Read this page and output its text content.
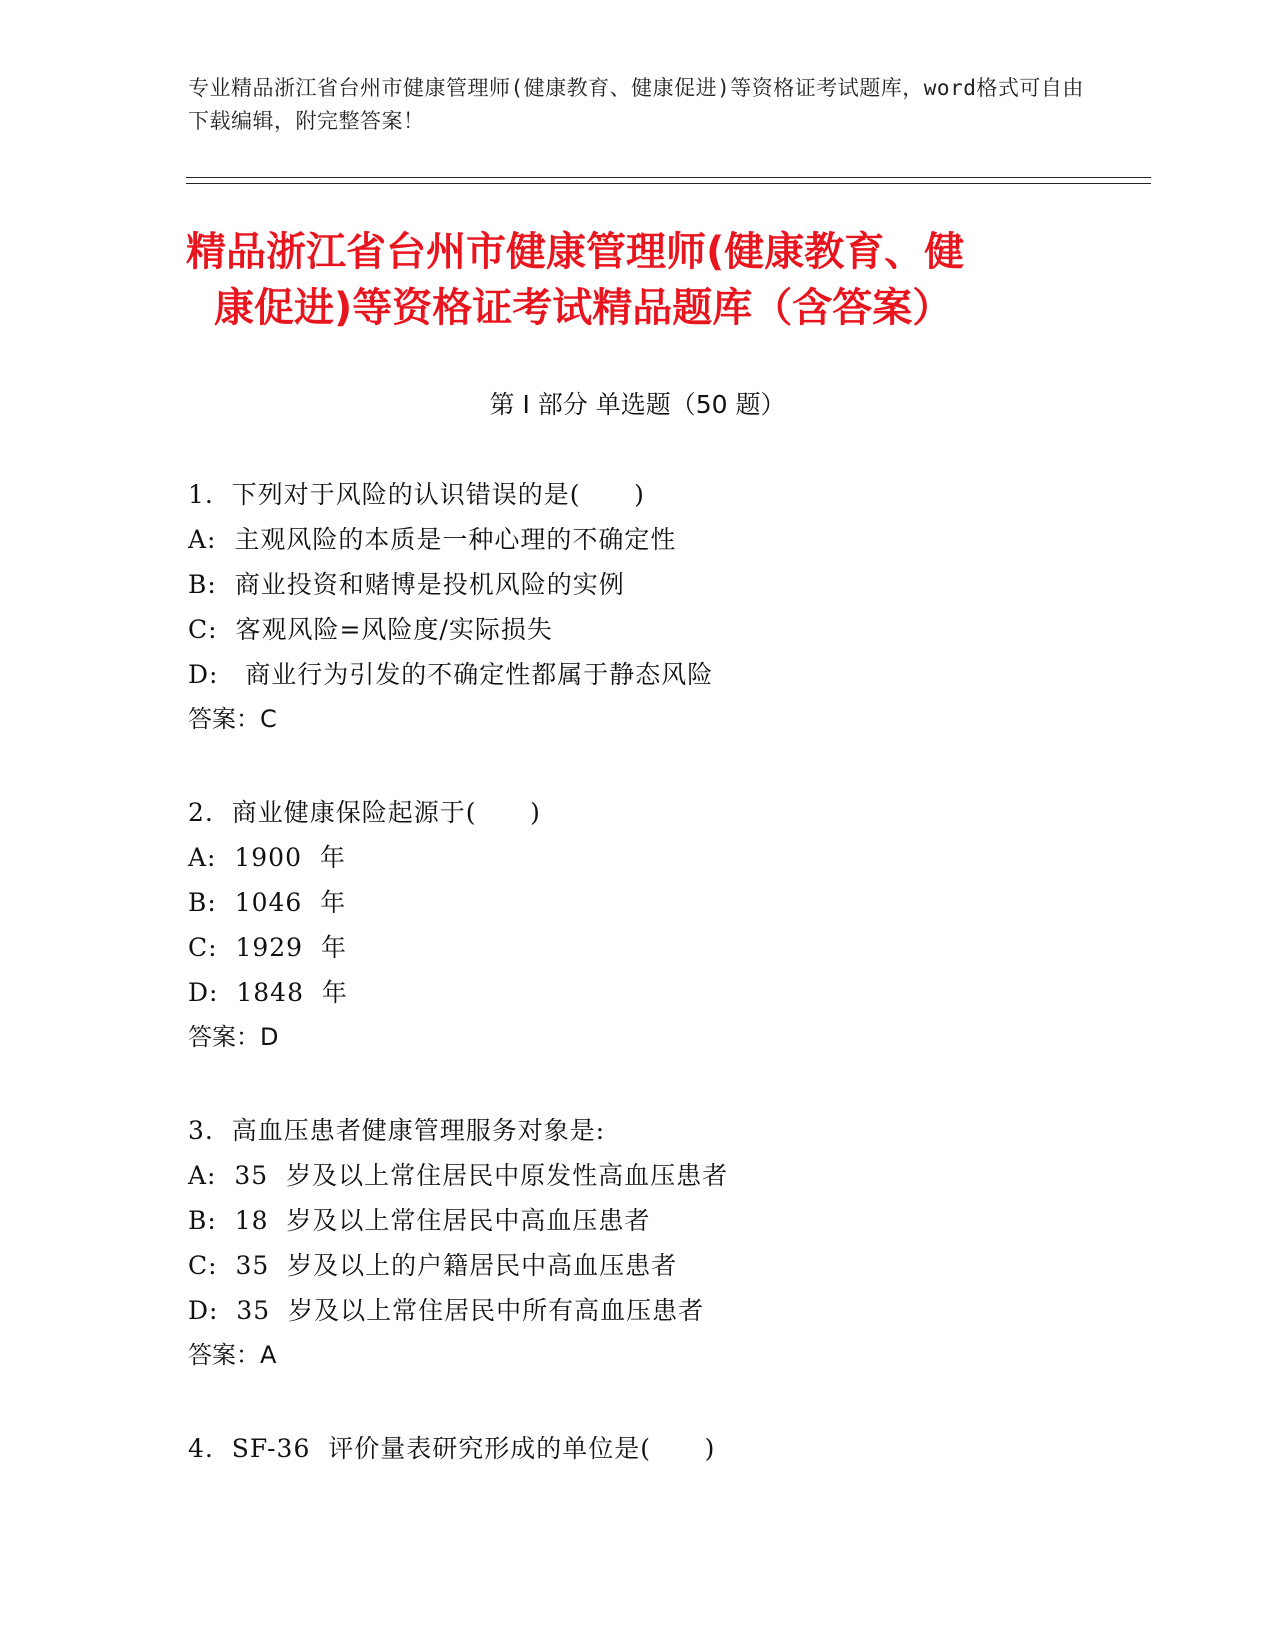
专业精品浙江省台州市健康管理师(健康教育、健康促进)等资格证考试题库，word格式可自由下载编辑，附完整答案！
精品浙江省台州市健康管理师(健康教育、健
康促进)等资格证考试精品题库（含答案）
第 I 部分 单选题（50 题）
1.  下列对于风险的认识错误的是(      )
A:  主观风险的本质是一种心理的不确定性
B:  商业投资和赌博是投机风险的实例
C:  客观风险=风险度/实际损失
D:   商业行为引发的不确定性都属于静态风险
答案：C
2.  商业健康保险起源于(      )
A:  1900  年
B:  1046  年
C:  1929  年
D:  1848  年
答案：D
3.  高血压患者健康管理服务对象是:
A:  35  岁及以上常住居民中原发性高血压患者
B:  18  岁及以上常住居民中高血压患者
C:  35  岁及以上的户籍居民中高血压患者
D:  35  岁及以上常住居民中所有高血压患者
答案：A
4.  SF-36  评价量表研究形成的单位是(      )
